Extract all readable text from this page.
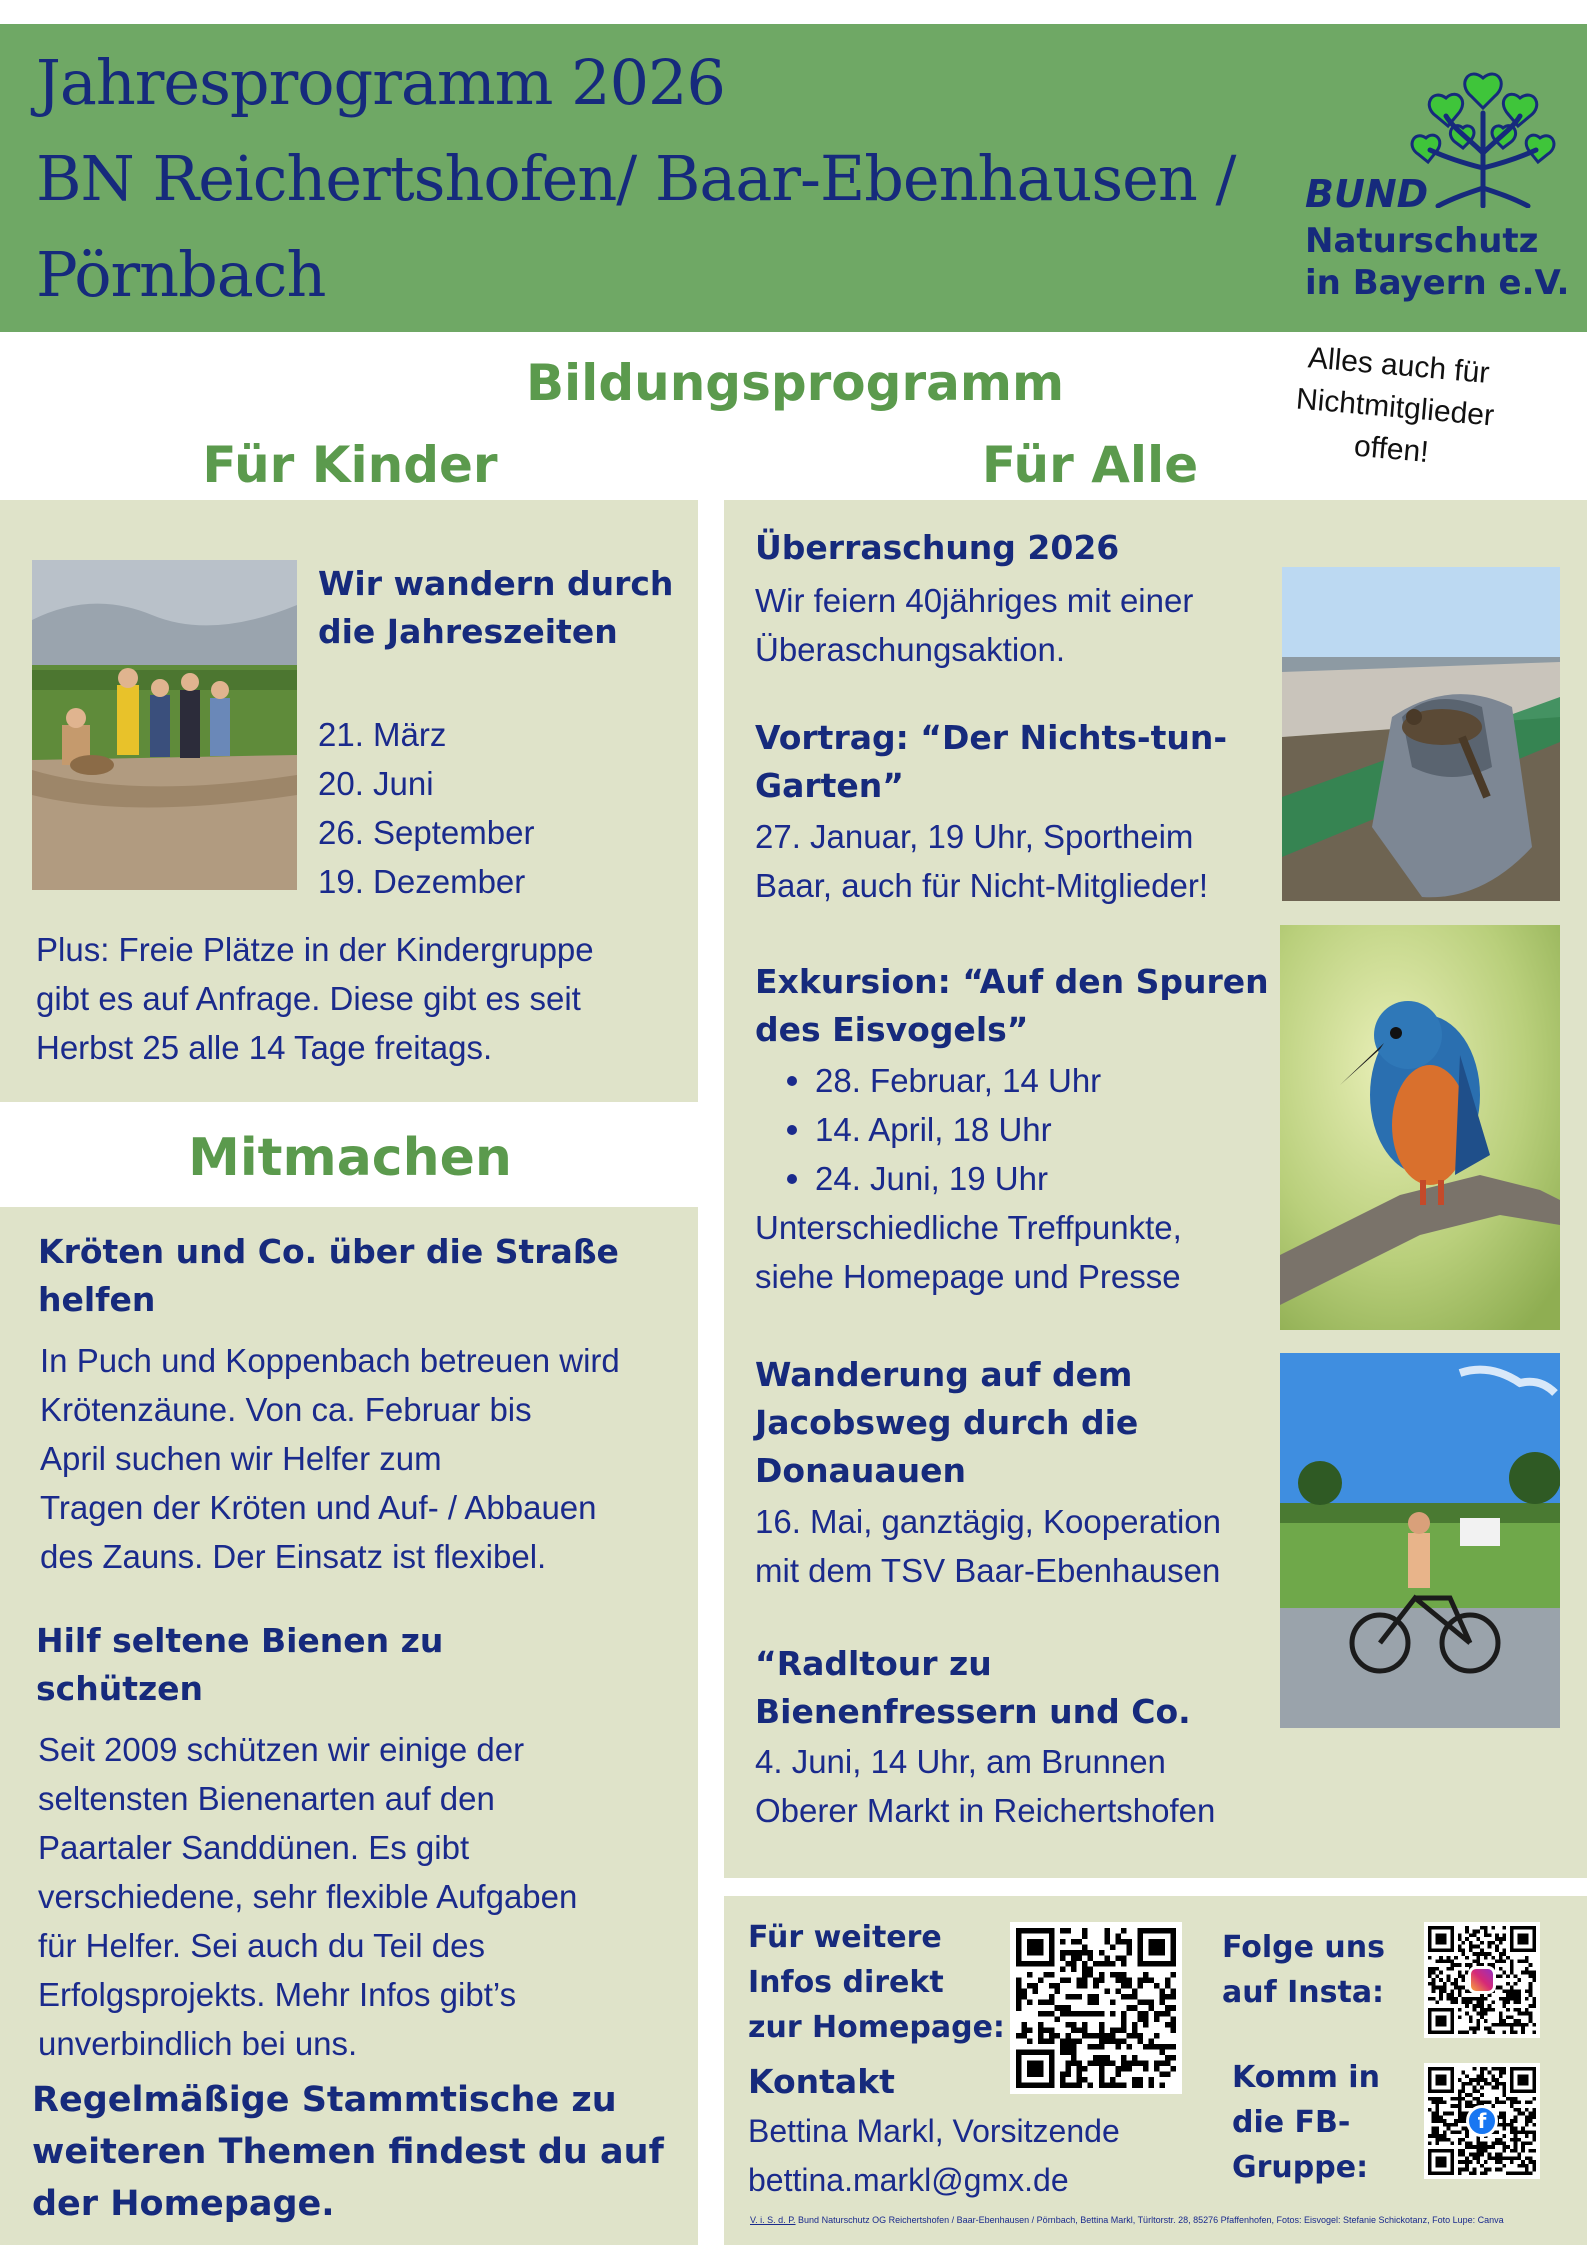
Jahresprogramm 2026
BN Reichertshofen/ Baar-Ebenhausen /
Pörnbach
BUND
Naturschutz
in Bayern e.V.
Bildungsprogramm
Für Kinder	Für Alle
Alles auch für
Nichtmitglieder
offen!
Mitmachen
Wir wandern durch
die Jahreszeiten
21. März
20. Juni
26. September
19. Dezember
Plus: Freie Plätze in der Kindergruppe
gibt es auf Anfrage. Diese gibt es seit
Herbst 25 alle 14 Tage freitags.
Kröten und Co. über die Straße
helfen
In Puch und Koppenbach betreuen wird
Krötenzäune. Von ca. Februar bis
April suchen wir Helfer zum
Tragen der Kröten und Auf- / Abbauen
des Zauns. Der Einsatz ist flexibel.
Hilf seltene Bienen zu
schützen
Seit 2009 schützen wir einige der
seltensten Bienenarten auf den
Paartaler Sanddünen. Es gibt
verschiedene, sehr flexible Aufgaben
für Helfer. Sei auch du Teil des
Erfolgsprojekts. Mehr Infos gibt’s
unverbindlich bei uns.
Regelmäßige Stammtische zu
weiteren Themen findest du auf
der Homepage.
Überraschung 2026
Wir feiern 40jähriges mit einer
Überaschungsaktion.
Vortrag: “Der Nichts-tun-
Garten”
27. Januar, 19 Uhr, Sportheim
Baar, auch für Nicht-Mitglieder!
Exkursion: “Auf den Spuren
des Eisvogels”
28. Februar, 14 Uhr
14. April, 18 Uhr
24. Juni, 19 Uhr
Unterschiedliche Treffpunkte,
siehe Homepage und Presse
Wanderung auf dem
Jacobsweg durch die
Donauauen
16. Mai, ganztägig, Kooperation
mit dem TSV Baar-Ebenhausen
“Radltour zu
Bienenfressern und Co.
4. Juni, 14 Uhr, am Brunnen
Oberer Markt in Reichertshofen
Für weitere
Infos direkt
zur Homepage:
Kontakt
Bettina Markl, Vorsitzende
bettina.markl@gmx.de
Folge uns
auf Insta:
Komm in
die FB-
Gruppe:
f
V. i. S. d. P. Bund Naturschutz OG Reichertshofen / Baar-Ebenhausen / Pörnbach, Bettina Markl, Türltorstr. 28, 85276 Pfaffenhofen, Fotos: Eisvogel: Stefanie Schickotanz, Foto Lupe: Canva
